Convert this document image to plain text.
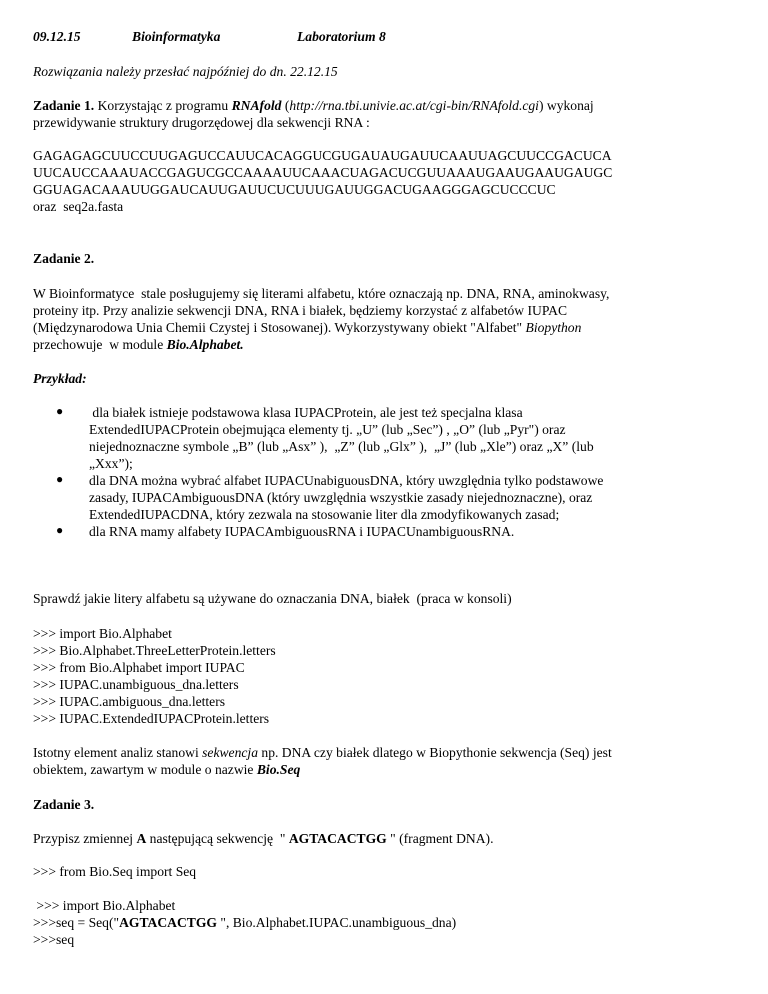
09.12.15	Bioinformatyka	Laboratorium 8
Rozwiązania należy przesłać najpóźniej do dn. 22.12.15
Zadanie 1. Korzystając z programu RNAfold (http://rna.tbi.univie.ac.at/cgi-bin/RNAfold.cgi) wykonaj
przewidywanie struktury drugorzędowej dla sekwencji RNA :
GAGAGAGCUUCCUUGAGUCCAUUCACAGGUCGUGAUAUGAUUCAAUUAGCUUCCGACUCA
UUCAUCCAAAUACCGAGUCGCCAAAAUUCAAACUAGACUCGUUAAAUGAAUGAAUGAUGC
GGUAGACAAAUUGGAUCAUUGAUUCUCUUUGAUUGGACUGAAGGGAGCUCCCUC
oraz  seq2a.fasta
Zadanie 2.
W Bioinformatyce  stale posługujemy się literami alfabetu, które oznaczają np. DNA, RNA, aminokwasy,
proteiny itp. Przy analizie sekwencji DNA, RNA i białek, będziemy korzystać z alfabetów IUPAC
(Międzynarodowa Unia Chemii Czystej i Stosowanej). Wykorzystywany obiekt "Alfabet" Biopython
przechowuje  w module Bio.Alphabet.
Przykład:
● dla białek istnieje podstawowa klasa IUPACProtein, ale jest też specjalna klasa
ExtendedIUPACProtein obejmująca elementy tj. „U” (lub „Sec”) , „O” (lub „Pyr") oraz
niejednoznaczne symbole „B” (lub „Asx” ),  „Z” (lub „Glx” ),  „J” (lub „Xle”) oraz „X” (lub
„Xxx”);
● dla DNA można wybrać alfabet IUPACUnabiguousDNA, który uwzględnia tylko podstawowe
zasady, IUPACAmbiguousDNA (który uwzględnia wszystkie zasady niejednoznaczne), oraz
ExtendedIUPACDNA, który zezwala na stosowanie liter dla zmodyfikowanych zasad;
● dla RNA mamy alfabety IUPACAmbiguousRNA i IUPACUnambiguousRNA.
Sprawdź jakie litery alfabetu są używane do oznaczania DNA, białek  (praca w konsoli)
>>> import Bio.Alphabet
>>> Bio.Alphabet.ThreeLetterProtein.letters
>>> from Bio.Alphabet import IUPAC
>>> IUPAC.unambiguous_dna.letters
>>> IUPAC.ambiguous_dna.letters
>>> IUPAC.ExtendedIUPACProtein.letters
Istotny element analiz stanowi sekwencja np. DNA czy białek dlatego w Biopythonie sekwencja (Seq) jest
obiektem, zawartym w module o nazwie Bio.Seq
Zadanie 3.
Przypisz zmiennej A następującą sekwencję  " AGTACACTGG " (fragment DNA).
>>> from Bio.Seq import Seq
>>> import Bio.Alphabet
>>>seq = Seq("AGTACACTGG ", Bio.Alphabet.IUPAC.unambiguous_dna)
>>>seq
